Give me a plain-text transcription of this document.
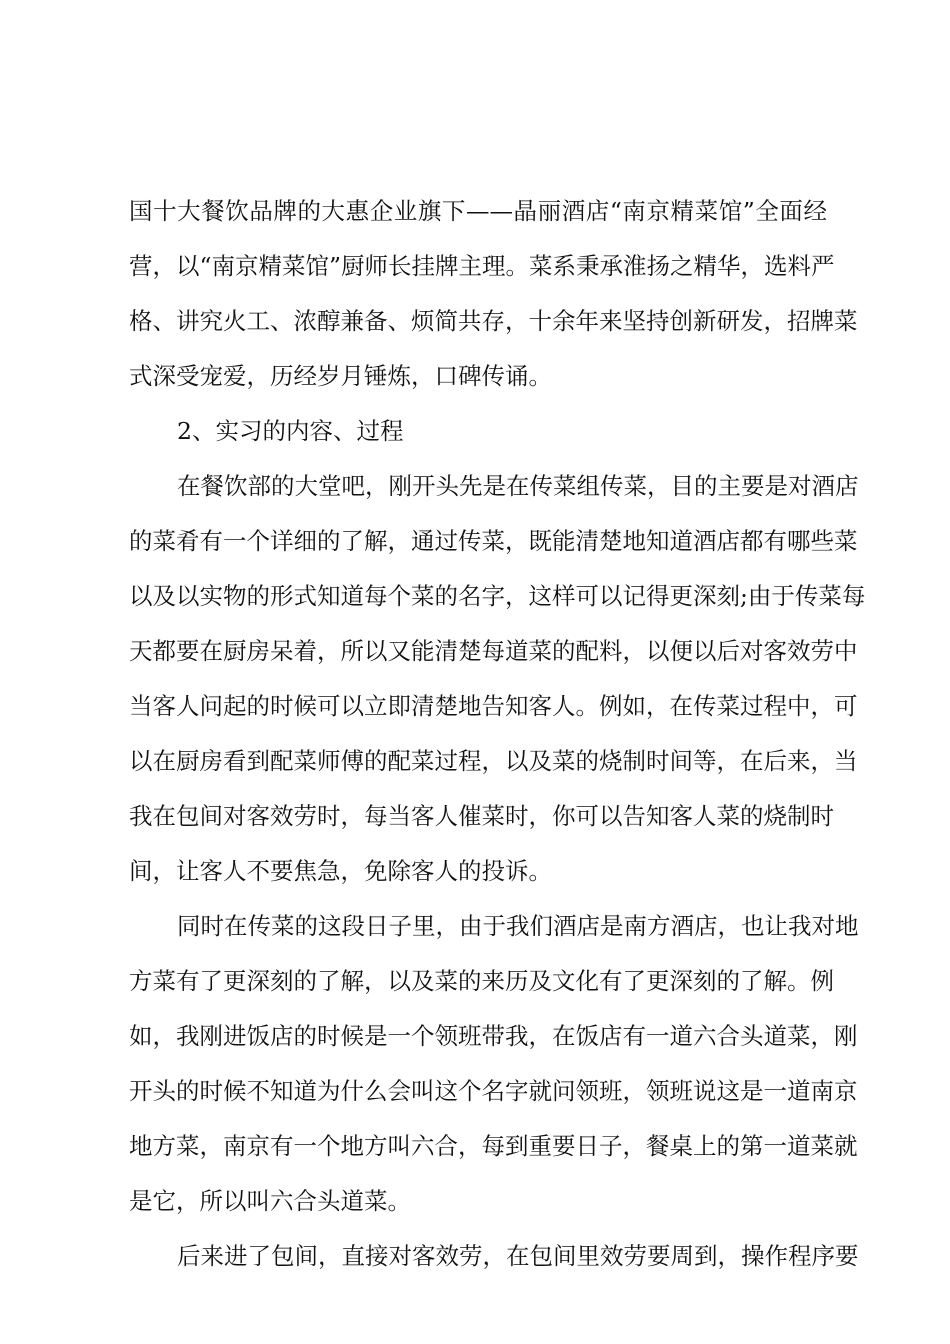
国十大餐饮品牌的大惠企业旗下——晶丽酒店“南京精菜馆”全面经
营，以“南京精菜馆”厨师长挂牌主理。菜系秉承淮扬之精华，选料严
格、讲究火工、浓醇兼备、烦简共存，十余年来坚持创新研发，招牌菜
式深受宠爱，历经岁月锤炼，口碑传诵。
2、实习的内容、过程
在餐饮部的大堂吧，刚开头先是在传菜组传菜，目的主要是对酒店
的菜肴有一个详细的了解，通过传菜，既能清楚地知道酒店都有哪些菜
以及以实物的形式知道每个菜的名字，这样可以记得更深刻;由于传菜每
天都要在厨房呆着，所以又能清楚每道菜的配料，以便以后对客效劳中
当客人问起的时候可以立即清楚地告知客人。例如，在传菜过程中，可
以在厨房看到配菜师傅的配菜过程，以及菜的烧制时间等，在后来，当
我在包间对客效劳时，每当客人催菜时，你可以告知客人菜的烧制时
间，让客人不要焦急，免除客人的投诉。
同时在传菜的这段日子里，由于我们酒店是南方酒店，也让我对地
方菜有了更深刻的了解，以及菜的来历及文化有了更深刻的了解。例
如，我刚进饭店的时候是一个领班带我，在饭店有一道六合头道菜，刚
开头的时候不知道为什么会叫这个名字就问领班，领班说这是一道南京
地方菜，南京有一个地方叫六合，每到重要日子，餐桌上的第一道菜就
是它，所以叫六合头道菜。
后来进了包间，直接对客效劳，在包间里效劳要周到，操作程序要
